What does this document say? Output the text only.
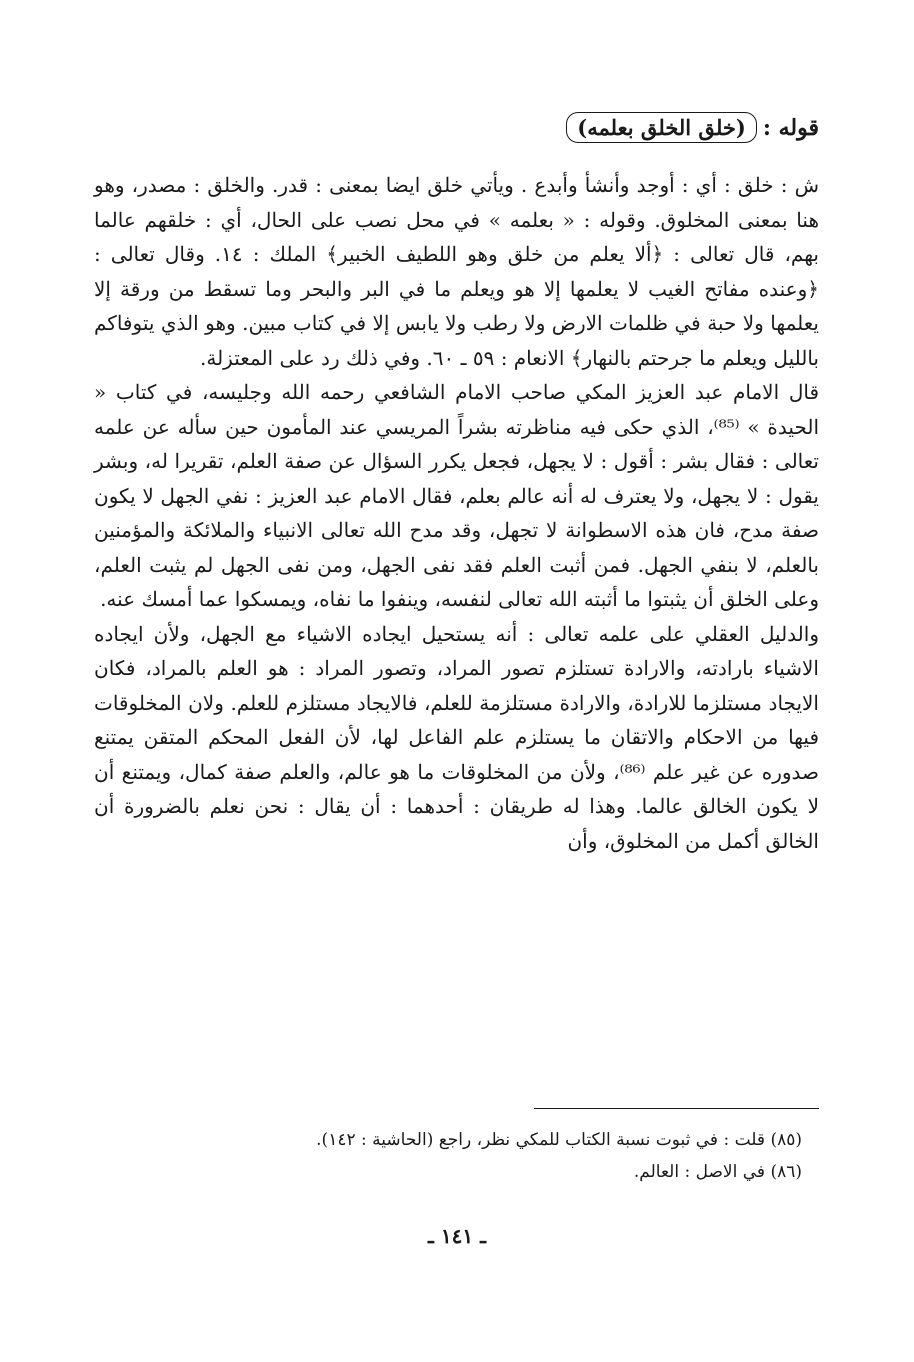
قوله :
(خلق الخلق بعلمه)

ش : خلق : أي : أوجد وأنشأ وأبدع . ويأتي خلق ايضا بمعنى : قدر. والخلق : مصدر، وهو هنا بمعنى المخلوق. وقوله : « بعلمه » في محل نصب على الحال، أي : خلقهم عالما بهم، قال تعالى : ﴿ألا يعلم من خلق وهو اللطيف الخبير﴾ الملك : ١٤. وقال تعالى : ﴿وعنده مفاتح الغيب لا يعلمها إلا هو ويعلم ما في البر والبحر وما تسقط من ورقة إلا يعلمها ولا حبة في ظلمات الارض ولا رطب ولا يابس إلا في كتاب مبين. وهو الذي يتوفاكم بالليل ويعلم ما جرحتم بالنهار﴾ الانعام : ٥٩ ـ ٦٠. وفي ذلك رد على المعتزلة.

قال الامام عبد العزيز المكي صاحب الامام الشافعي رحمه الله وجليسه، في كتاب « الحيدة » ⁽⁸⁵⁾، الذي حكى فيه مناظرته بشراً المريسي عند المأمون حين سأله عن علمه تعالى : فقال بشر : أقول : لا يجهل، فجعل يكرر السؤال عن صفة العلم، تقريرا له، وبشر يقول : لا يجهل، ولا يعترف له أنه عالم بعلم، فقال الامام عبد العزيز : نفي الجهل لا يكون صفة مدح، فان هذه الاسطوانة لا تجهل، وقد مدح الله تعالى الانبياء والملائكة والمؤمنين بالعلم، لا بنفي الجهل. فمن أثبت العلم فقد نفى الجهل، ومن نفى الجهل لم يثبت العلم، وعلى الخلق أن يثبتوا ما أثبته الله تعالى لنفسه، وينفوا ما نفاه، ويمسكوا عما أمسك عنه.

والدليل العقلي على علمه تعالى : أنه يستحيل ايجاده الاشياء مع الجهل، ولأن ايجاده الاشياء بارادته، والارادة تستلزم تصور المراد، وتصور المراد : هو العلم بالمراد، فكان الايجاد مستلزما للارادة، والارادة مستلزمة للعلم، فالايجاد مستلزم للعلم. ولان المخلوقات فيها من الاحكام والاتقان ما يستلزم علم الفاعل لها، لأن الفعل المحكم المتقن يمتنع صدوره عن غير علم ⁽⁸⁶⁾، ولأن من المخلوقات ما هو عالم، والعلم صفة كمال، ويمتنع أن لا يكون الخالق عالما. وهذا له طريقان : أحدهما : أن يقال : نحن نعلم بالضرورة أن الخالق أكمل من المخلوق، وأن

(٨٥) قلت : في ثبوت نسبة الكتاب للمكي نظر، راجع (الحاشية : ١٤٢).
(٨٦) في الاصل : العالم.
ـ ١٤١ ـ
